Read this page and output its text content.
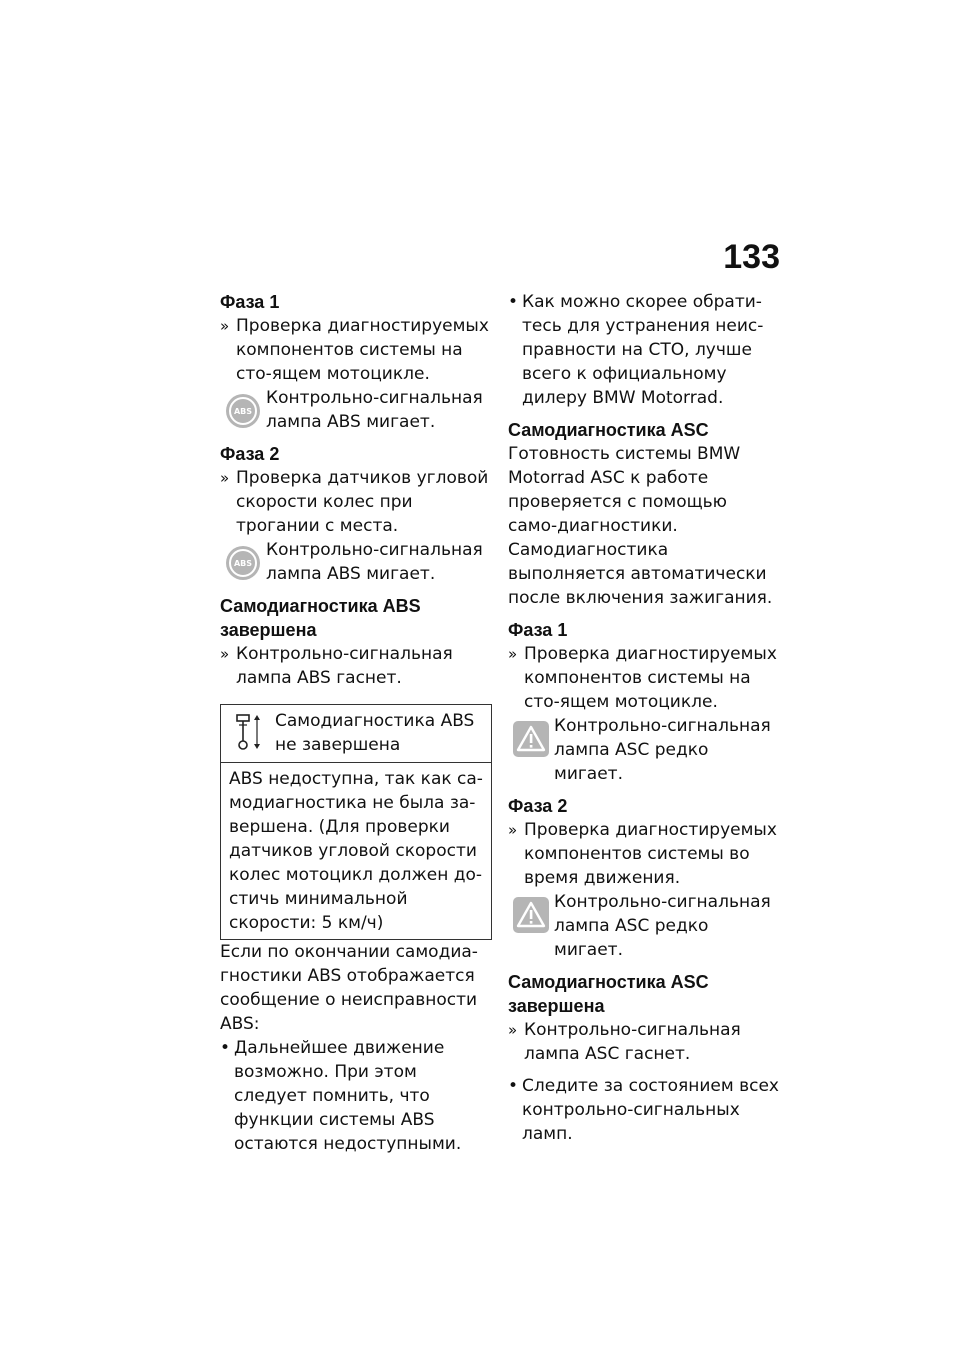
133
Фаза 1
» Проверка диагностируемых компонентов системы на сто-ящем мотоцикле.
ABS
Контрольно-сигнальная лампа ABS мигает.
Фаза 2
» Проверка датчиков угловой скорости колес при трогании с места.
ABS
Контрольно-сигнальная лампа ABS мигает.
Самодиагностика ABS завершена
» Контрольно-сигнальная лампа ABS гаснет.
Самодиагностика ABS не завершена
ABS недоступна, так как са-модиагностика не была за-вершена. (Для проверки датчиков угловой скорости колес мотоцикл должен до-стичь минимальной скорости: 5 км/ч)
Если по окончании самодиа-гностики ABS отображается сообщение о неисправности ABS:
• Дальнейшее движение возможно. При этом следует помнить, что функции системы ABS остаются недоступными.
• Как можно скорее обрати-тесь для устранения неис-правности на СТО, лучше всего к официальному дилеру BMW Motorrad.
Самодиагностика ASC
Готовность системы BMW Motorrad ASC к работе проверяется с помощью само-диагностики. Самодиагностика выполняется автоматически после включения зажигания.
Фаза 1
» Проверка диагностируемых компонентов системы на сто-ящем мотоцикле.
Контрольно-сигнальная лампа ASC редко мигает.
Фаза 2
» Проверка диагностируемых компонентов системы во время движения.
Контрольно-сигнальная лампа ASC редко мигает.
Самодиагностика ASC завершена
» Контрольно-сигнальная лампа ASC гаснет.
• Следите за состоянием всех контрольно-сигнальных ламп.
